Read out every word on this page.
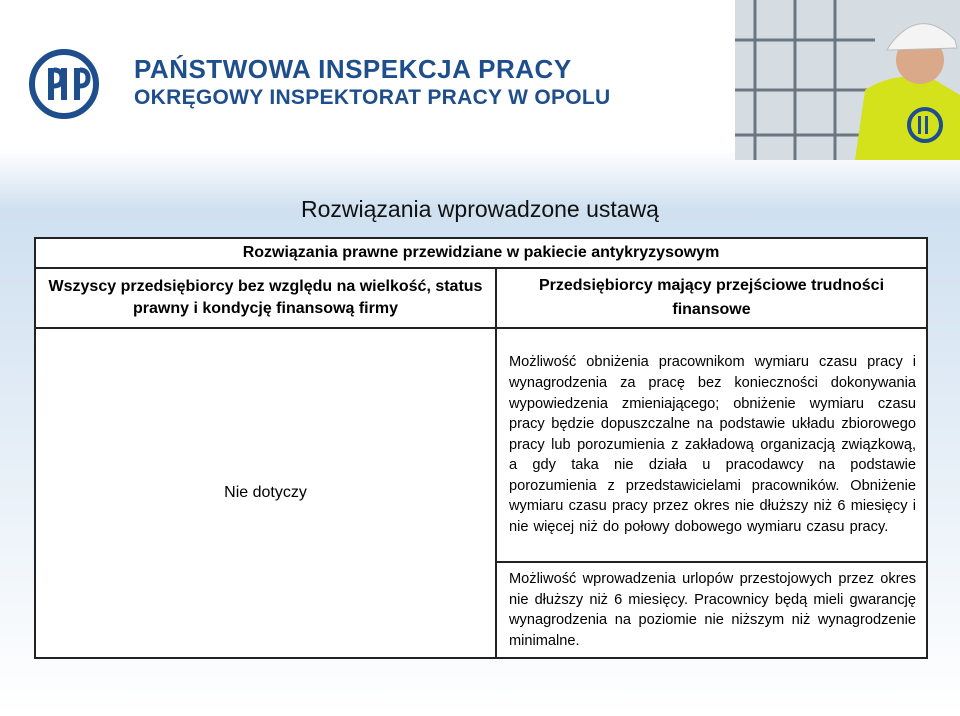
PAŃSTWOWA INSPEKCJA PRACY
OKRĘGOWY INSPEKTORAT PRACY W OPOLU
Rozwiązania wprowadzone ustawą
Rozwiązania prawne przewidziane w pakiecie antykryzysowym	
Wszyscy przedsiębiorcy bez względu na wielkość, status prawny i kondycję finansową firmy	Przedsiębiorcy mający przejściowe trudności finansowe
Nie dotyczy	Możliwość obniżenia pracownikom wymiaru czasu pracy i wynagrodzenia za pracę bez konieczności dokonywania wypowiedzenia zmieniającego; obniżenie wymiaru czasu pracy będzie dopuszczalne na podstawie układu zbiorowego pracy lub porozumienia z zakładową organizacją związkową, a gdy taka nie działa u pracodawcy na podstawie porozumienia z przedstawicielami pracowników. Obniżenie wymiaru czasu pracy przez okres nie dłuższy niż 6 miesięcy i nie więcej niż do połowy dobowego wymiaru czasu pracy.
	Możliwość wprowadzenia urlopów przestojowych przez okres nie dłuższy niż 6 miesięcy. Pracownicy będą mieli gwarancję wynagrodzenia na poziomie nie niższym niż wynagrodzenie minimalne.
